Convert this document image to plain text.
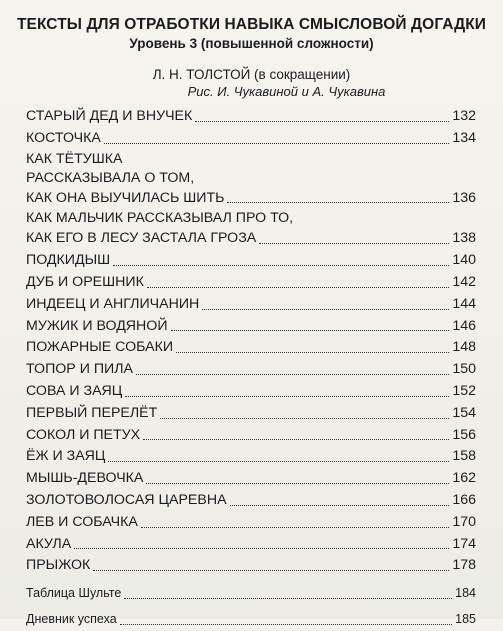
ТЕКСТЫ ДЛЯ ОТРАБОТКИ НАВЫКА СМЫСЛОВОЙ ДОГАДКИ
Уровень 3 (повышенной сложности)
Л. Н. ТОЛСТОЙ (в сокращении)
Рис. И. Чукавиной и А. Чукавина
СТАРЫЙ ДЕД И ВНУЧЕК	132
КОСТОЧКА	134
КАК ТЁТУШКА
РАССКАЗЫВАЛА О ТОМ,
КАК ОНА ВЫУЧИЛАСЬ ШИТЬ	136
КАК МАЛЬЧИК РАССКАЗЫВАЛ ПРО ТО,
КАК ЕГО В ЛЕСУ ЗАСТАЛА ГРОЗА	138
ПОДКИДЫШ	140
ДУБ И ОРЕШНИК	142
ИНДЕЕЦ И АНГЛИЧАНИН	144
МУЖИК И ВОДЯНОЙ	146
ПОЖАРНЫЕ СОБАКИ	148
ТОПОР И ПИЛА	150
СОВА И ЗАЯЦ	152
ПЕРВЫЙ ПЕРЕЛЁТ	154
СОКОЛ И ПЕТУХ	156
ЁЖ И ЗАЯЦ	158
МЫШЬ-ДЕВОЧКА	162
ЗОЛОТОВОЛОСАЯ ЦАРЕВНА	166
ЛЕВ И СОБАЧКА	170
АКУЛА	174
ПРЫЖОК	178
Таблица Шульте	184
Дневник успеха	185
